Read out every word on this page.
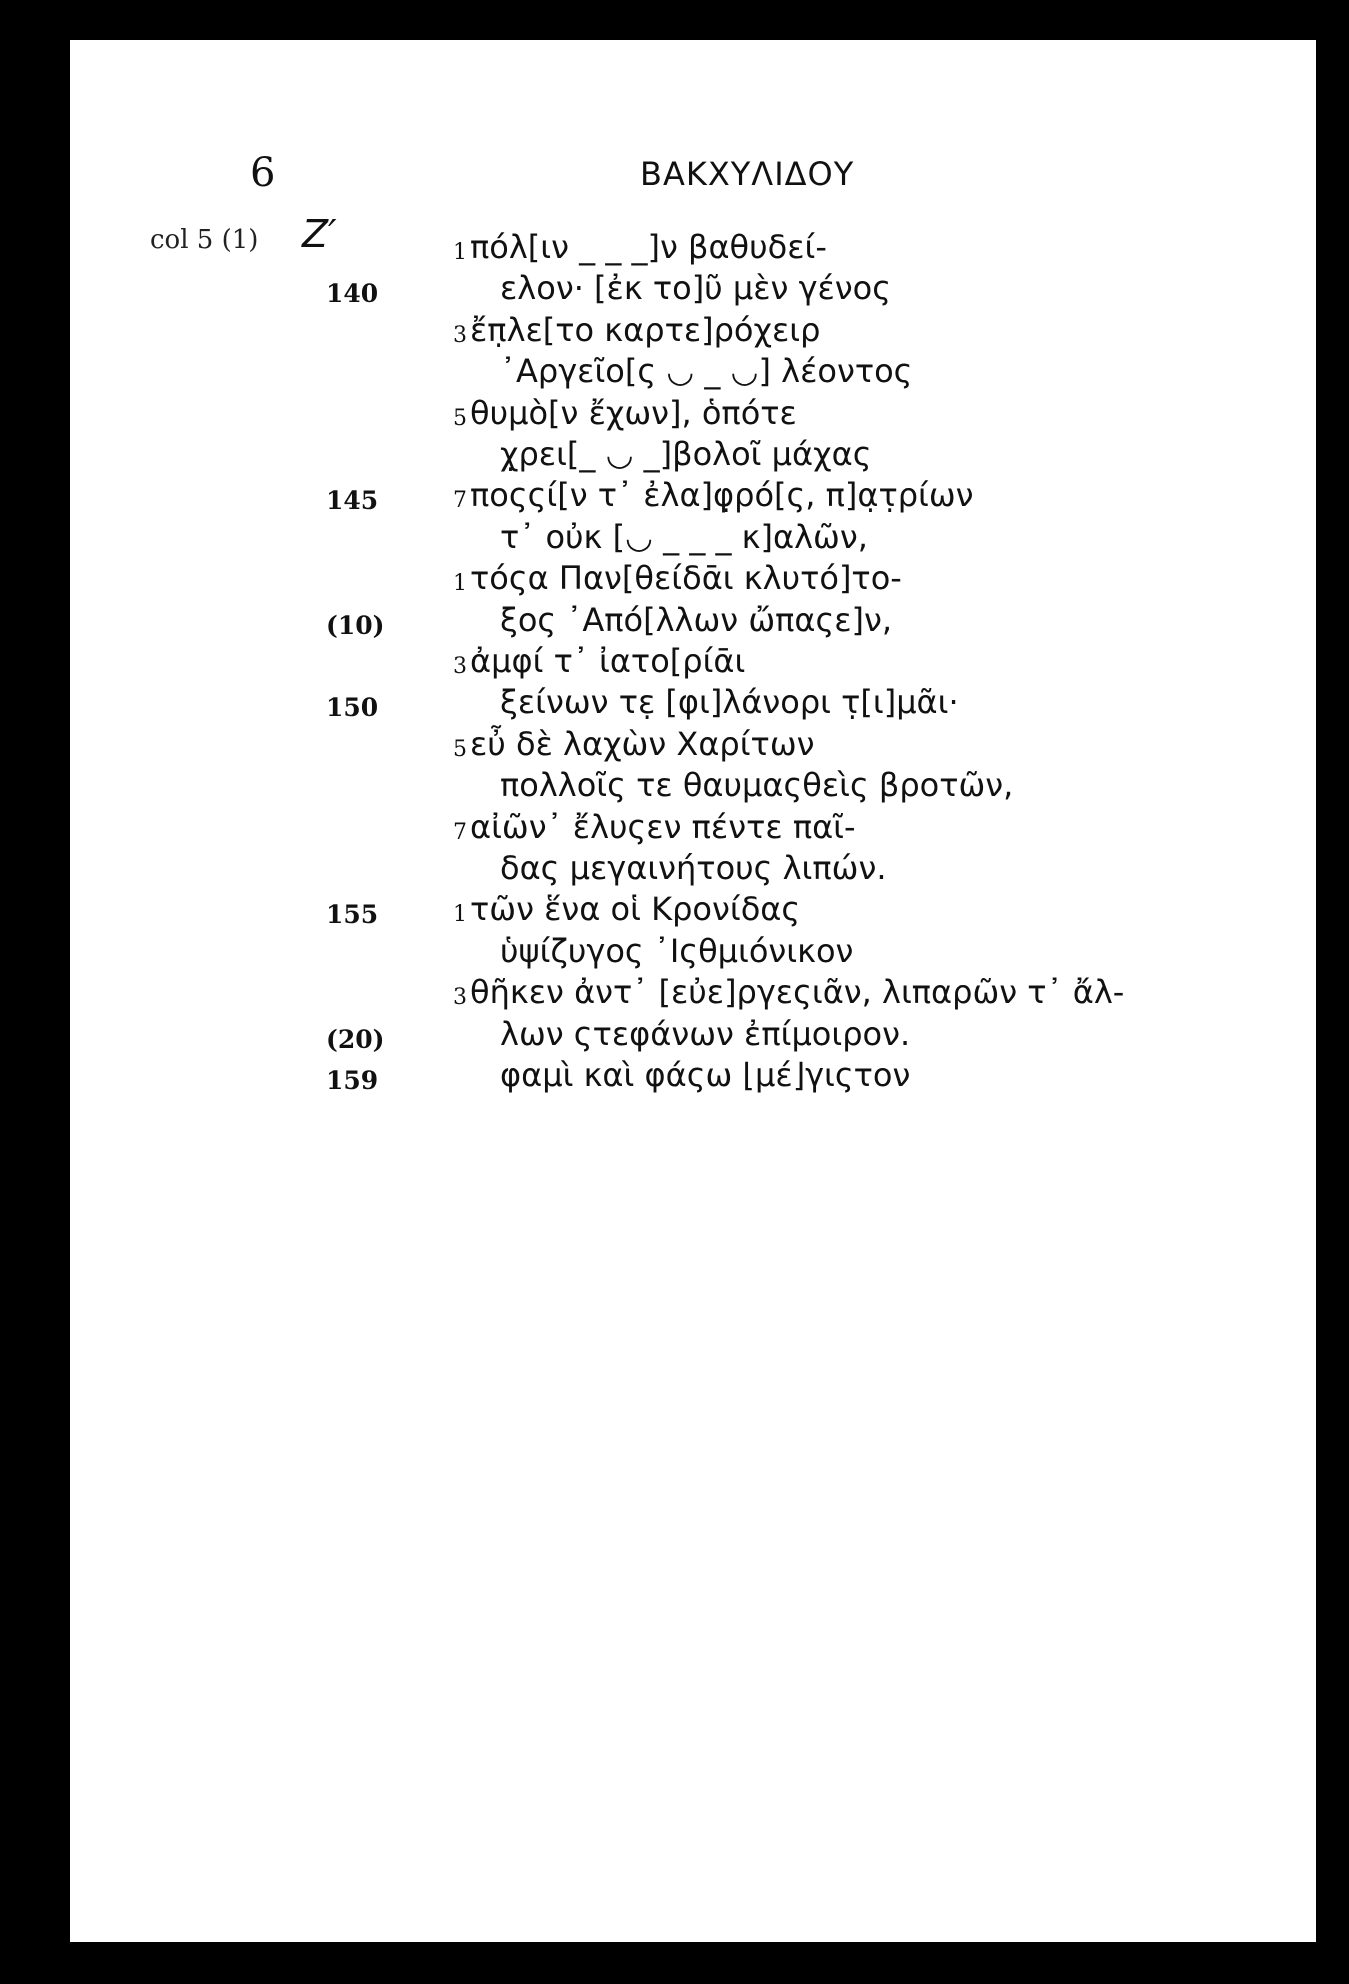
6	BAKXYΛΙΔΟΥ
col 5 (1) Z′	1 πόλ[ιν _ _ _]ν βαθυδεί-
140	ελον· [ἐκ το]ῦ μὲν γένος
3 ἔπ̣λε[το καρτε]ρόχειρ
᾿Αργεῖο[ς ◡ _ ◡] λέοντος
5 θυμὸ[ν ἔχων], ὁπότε
χ̣ρει[_ ◡ _]βολοῖ μάχας
145	7 ποςςί[ν τ᾿ ἐλα]φ̣ρό[ς, π]α̣τ̣ρίων
τ᾿ οὐκ [◡ _ _ _ κ]αλῶν,
1 τόςα Παν[θείδᾱι κλυτό]το-
(10)	ξος ᾿Από[λλων ὤπαςε]ν,
3 ἀμφί τ᾿ ἰατο[ρίᾱι
150	ξείνων τε̣ [φι]λάνορι τ̣[ι]μᾶι·
5 εὖ δὲ λαχὼν Χαρίτων
πολλοῖς τε θαυμαςθεὶς βροτῶν,
7 αἰῶν᾿ ἔλυςεν πέντε παῖ-
δας μεγαινήτους λιπών.
155	1 τῶν ἕνα οἱ Κρονίδας
ὑψίζυγος ᾿Ιςθμιόνικον
3 θῆκεν ἀντ᾿ [εὐε]ργεςιᾶν, λιπαρῶν τ᾿ ἄλ-
(20)	λων ςτεφάνων ἐπίμοιρον.
159	φαμὶ καὶ φάςω ⌊μέ⌋γιςτον
